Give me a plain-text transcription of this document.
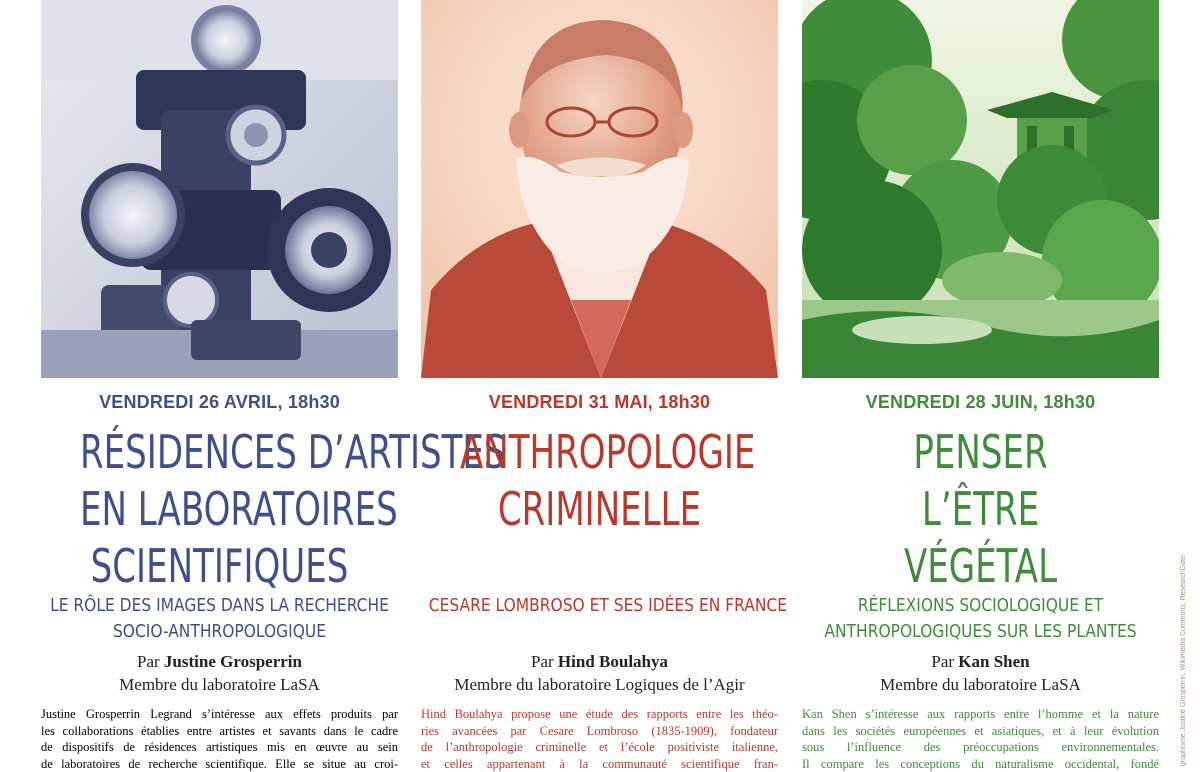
VENDREDI 26 AVRIL, 18h30
RÉSIDENCES D’ARTISTES
EN LABORATOIRES
SCIENTIFIQUES
LE RÔLE DES IMAGES DANS LA RECHERCHE
SOCIO-ANTHROPOLOGIQUE
Par Justine Grosperrin
Membre du laboratoire LaSA
Justine Grosperrin Legrand s’intéresse aux effets produits par
les collaborations établies entre artistes et savants dans le cadre
de dispositifs de résidences artistiques mis en œuvre au sein
de laboratoires de recherche scientifique. Elle se situe au croi-
VENDREDI 31 MAI, 18h30
ANTHROPOLOGIE
CRIMINELLE
CESARE LOMBROSO ET SES IDÉES EN FRANCE
Par Hind Boulahya
Membre du laboratoire Logiques de l’Agir
Hind Boulahya propose une étude des rapports entre les théo-
ries avancées par Cesare Lombroso (1835-1909), fondateur
de l’anthropologie criminelle et l’école positiviste italienne,
et celles appartenant à la communauté scientifique fran-
VENDREDI 28 JUIN, 18h30
PENSER
L’ÊTRE
VÉGÉTAL
RÉFLEXIONS SOCIOLOGIQUE ET
ANTHROPOLOGIQUES SUR LES PLANTES
Par Kan Shen
Membre du laboratoire LaSA
Kan Shen s’intéresse aux rapports entre l’homme et la nature
dans les sociétés européennes et asiatiques, et à leur évolution
sous l’influence des préoccupations environnementales.
Il compare les conceptions du naturalisme occidental, fondé	graphisme Justine Grosperrin, Wikimedia Commons, ResearchGate
